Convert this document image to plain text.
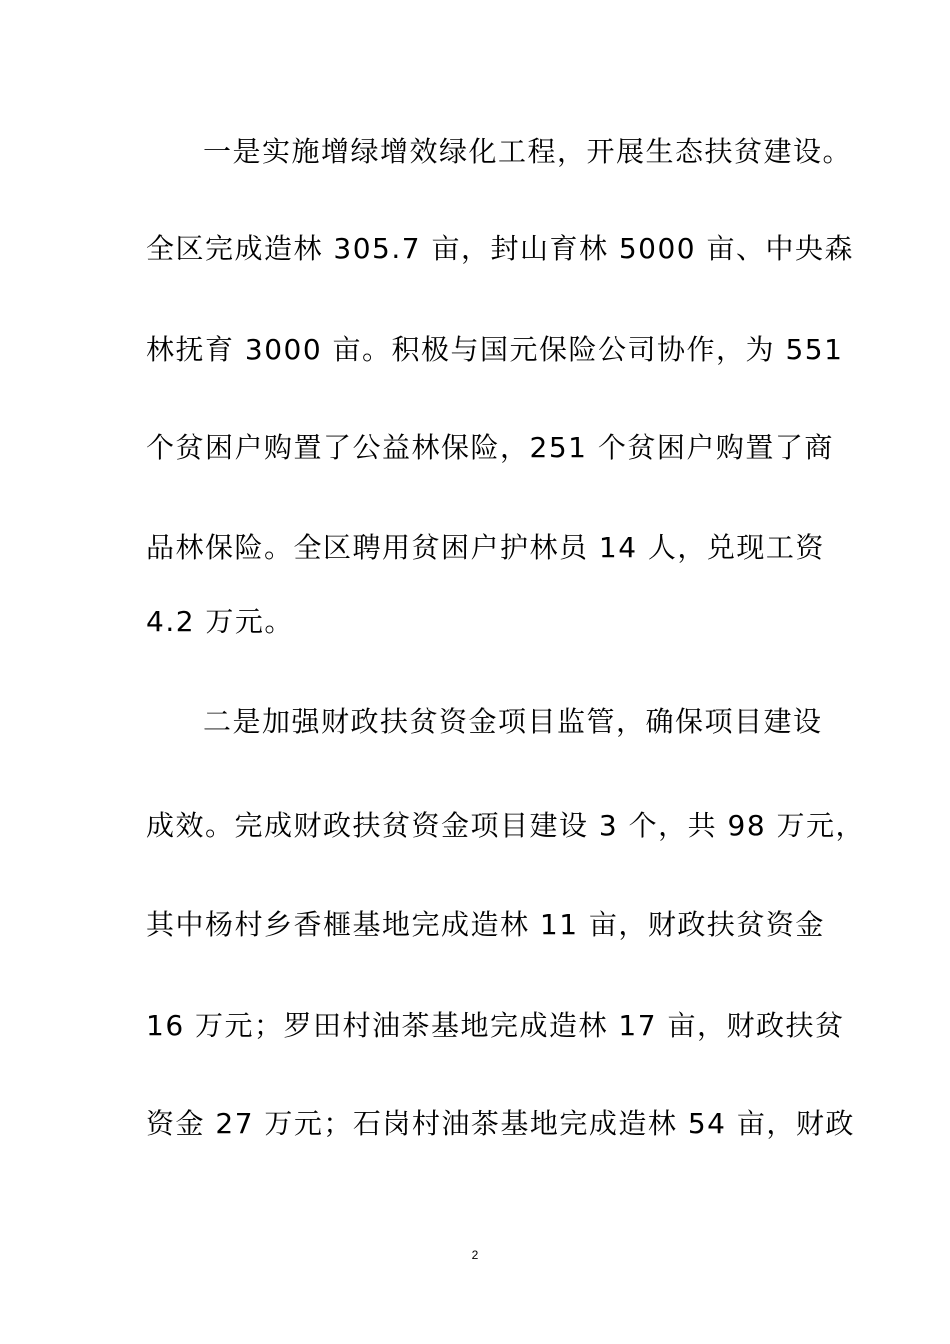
一是实施增绿增效绿化工程，开展生态扶贫建设。
全区完成造林 305.7 亩，封山育林 5000 亩、中央森
林抚育 3000 亩。积极与国元保险公司协作，为 551
个贫困户购置了公益林保险，251 个贫困户购置了商
品林保险。全区聘用贫困户护林员 14 人，兑现工资
4.2 万元。
二是加强财政扶贫资金项目监管，确保项目建设
成效。完成财政扶贫资金项目建设 3 个，共 98 万元，
其中杨村乡香榧基地完成造林 11 亩，财政扶贫资金
16 万元；罗田村油茶基地完成造林 17 亩，财政扶贫
资金 27 万元；石岗村油茶基地完成造林 54 亩，财政
2
